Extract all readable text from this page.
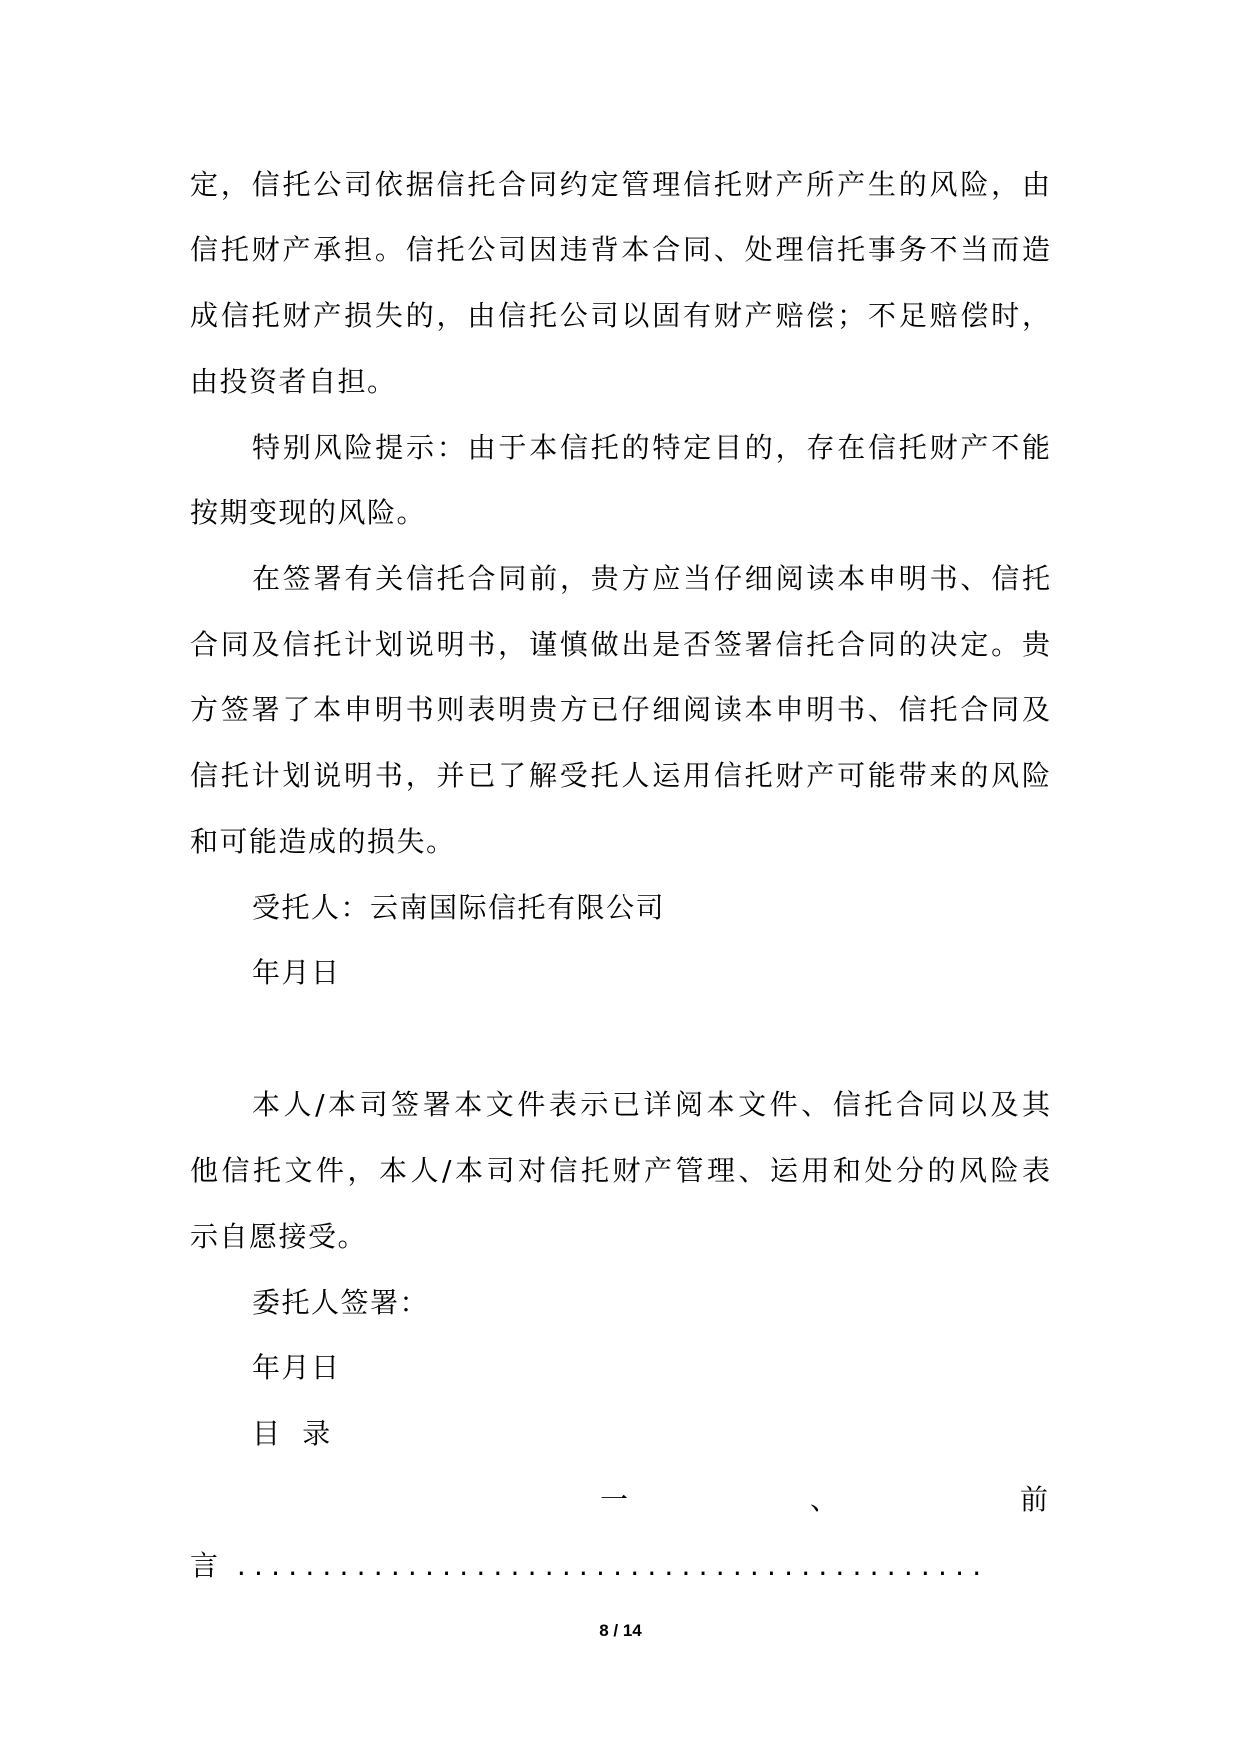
定，信托公司依据信托合同约定管理信托财产所产生的风险，由
信托财产承担。信托公司因违背本合同、处理信托事务不当而造
成信托财产损失的，由信托公司以固有财产赔偿；不足赔偿时，
由投资者自担。
特别风险提示：由于本信托的特定目的，存在信托财产不能
按期变现的风险。
在签署有关信托合同前，贵方应当仔细阅读本申明书、信托
合同及信托计划说明书，谨慎做出是否签署信托合同的决定。贵
方签署了本申明书则表明贵方已仔细阅读本申明书、信托合同及
信托计划说明书，并已了解受托人运用信托财产可能带来的风险
和可能造成的损失。
受托人：云南国际信托有限公司
年月日
本人/本司签署本文件表示已详阅本文件、信托合同以及其
他信托文件，本人/本司对信托财产管理、运用和处分的风险表
示自愿接受。
委托人签署：
年月日
目  录
一	、	前
言 ............................................
8 / 14
